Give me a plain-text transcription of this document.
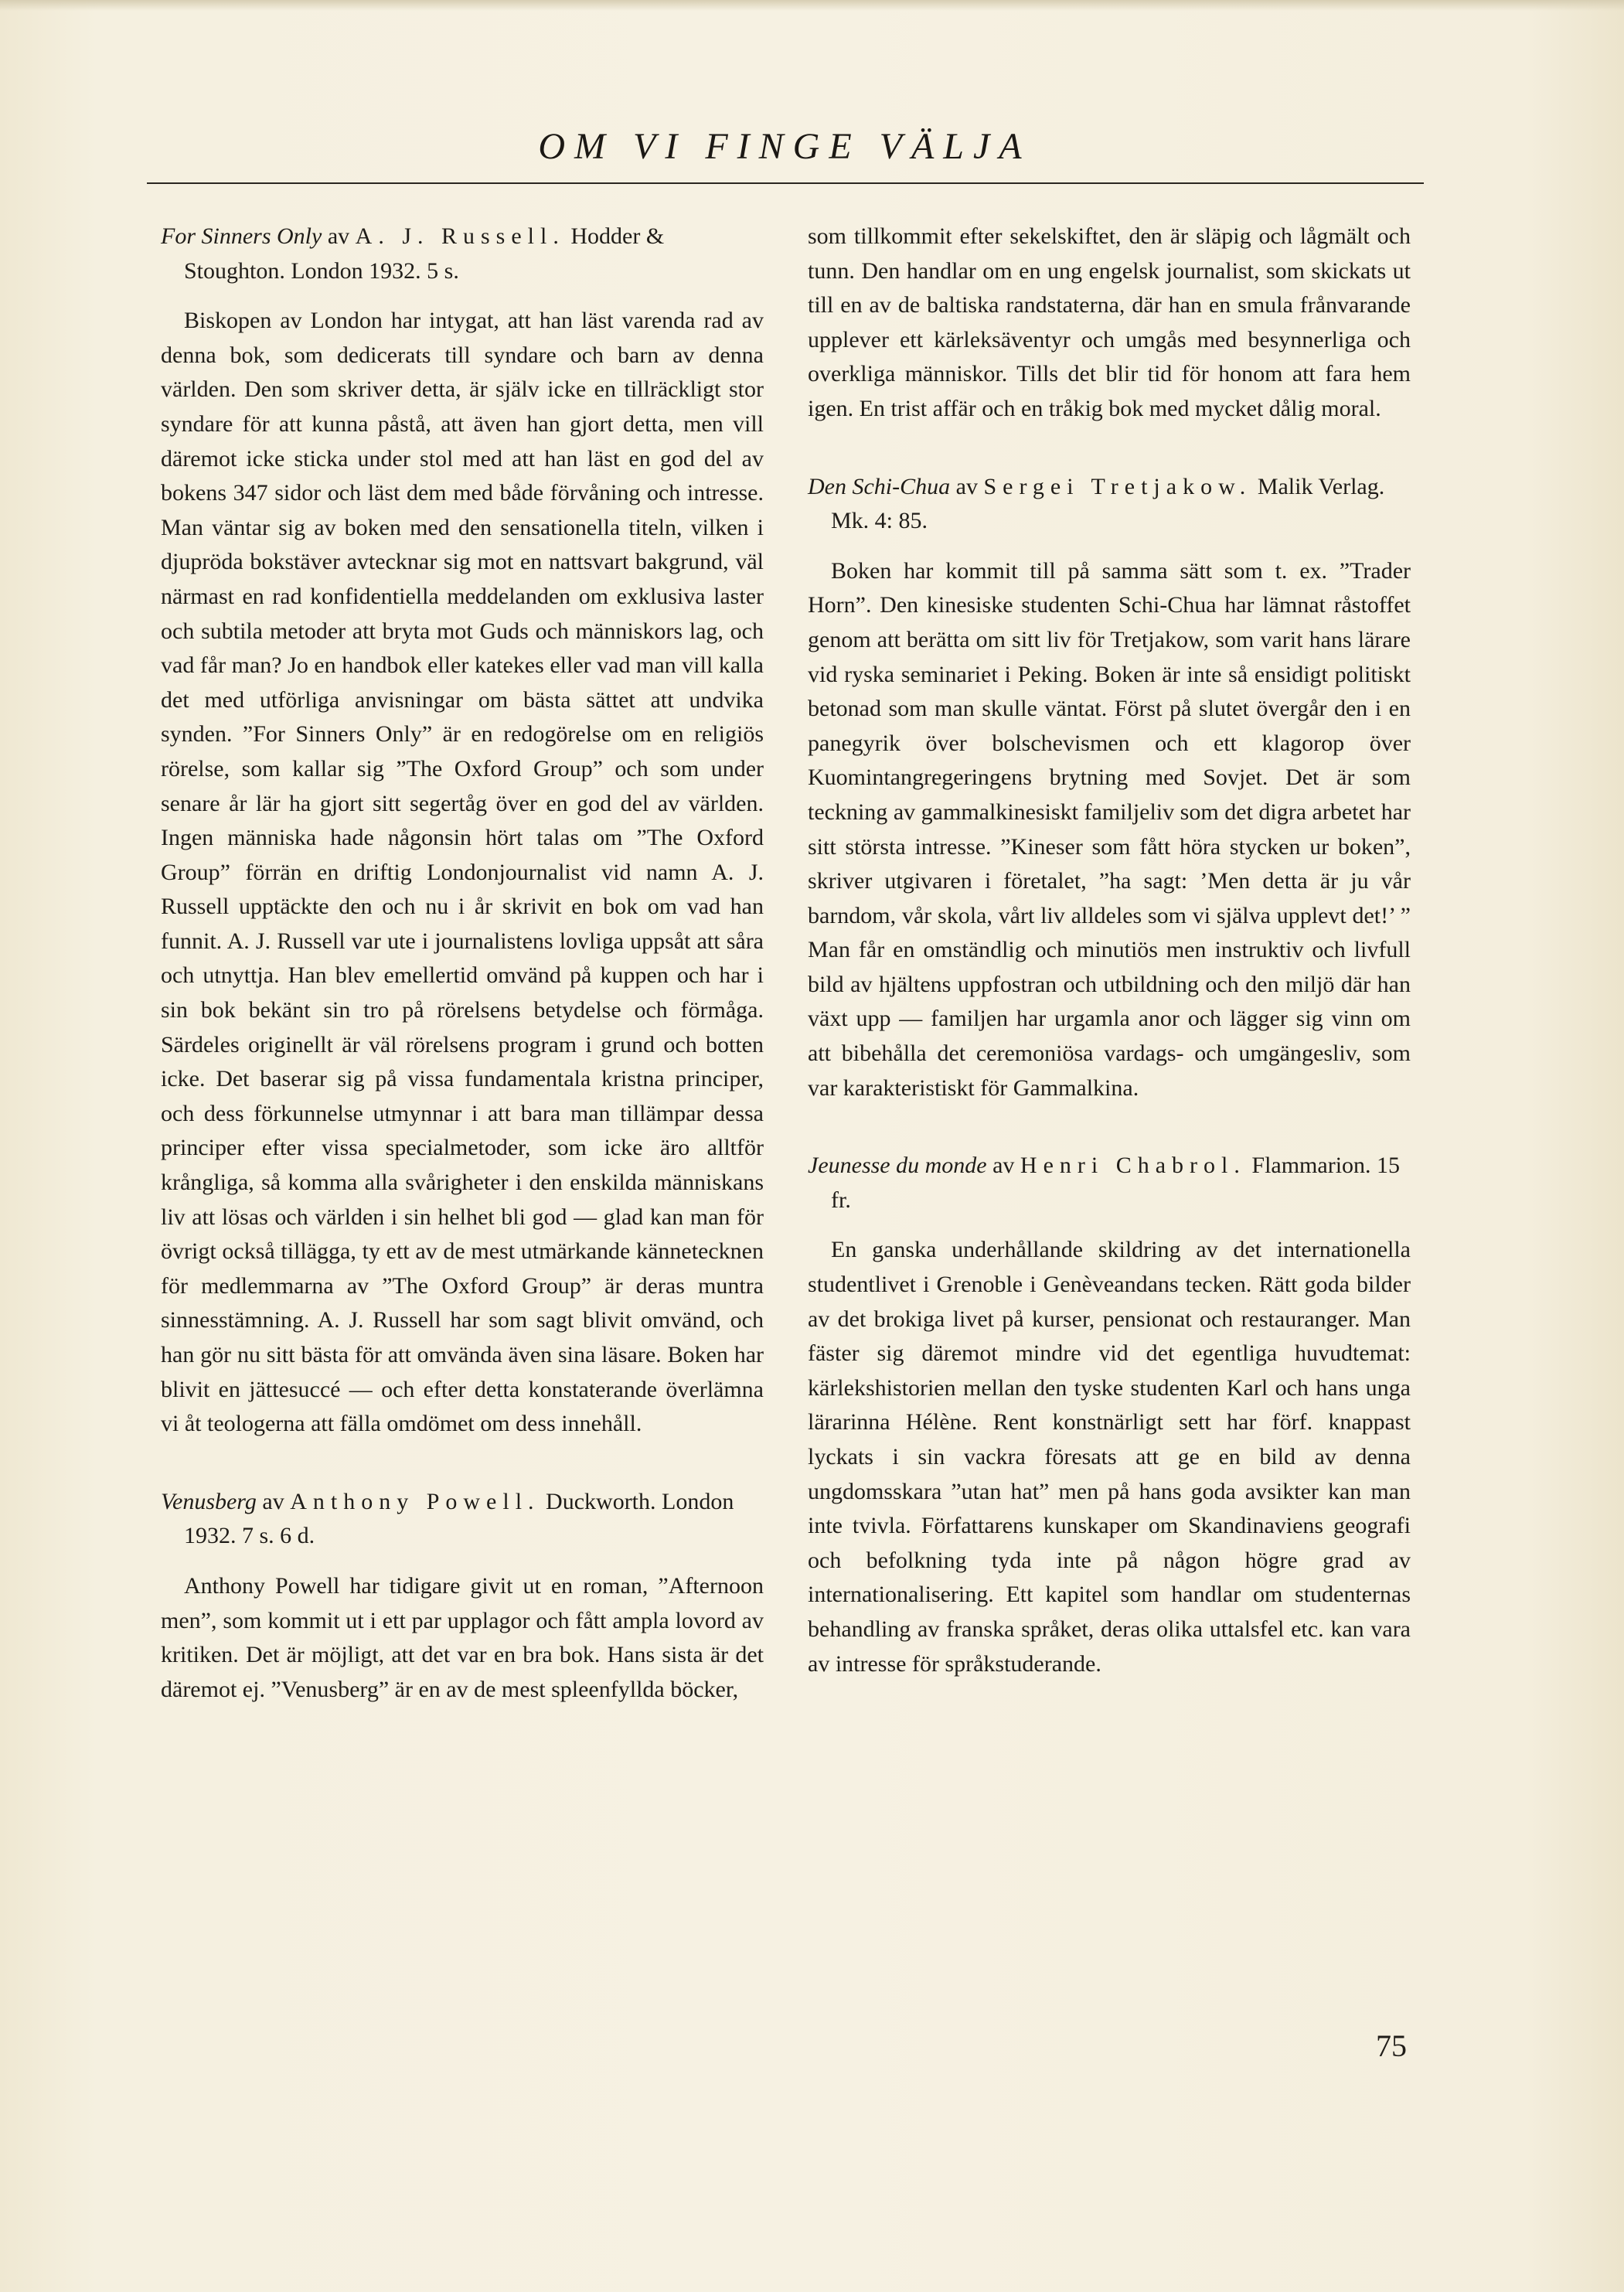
OM VI FINGE VÄLJA

For Sinners Only av A. J. Russell. Hodder & Stoughton. London 1932. 5 s.

Biskopen av London har intygat, att han läst varenda rad av denna bok, som dedicerats till syndare och barn av denna världen. Den som skriver detta, är själv icke en tillräckligt stor syndare för att kunna påstå, att även han gjort detta, men vill däremot icke sticka under stol med att han läst en god del av bokens 347 sidor och läst dem med både förvåning och intresse. Man väntar sig av boken med den sensationella titeln, vilken i djupröda bokstäver avtecknar sig mot en nattsvart bakgrund, väl närmast en rad konfidentiella meddelanden om exklusiva laster och subtila metoder att bryta mot Guds och människors lag, och vad får man? Jo en handbok eller katekes eller vad man vill kalla det med utförliga anvisningar om bästa sättet att undvika synden. ”For Sinners Only” är en redogörelse om en religiös rörelse, som kallar sig ”The Oxford Group” och som under senare år lär ha gjort sitt segertåg över en god del av världen. Ingen människa hade någonsin hört talas om ”The Oxford Group” förrän en driftig Londonjournalist vid namn A. J. Russell upptäckte den och nu i år skrivit en bok om vad han funnit. A. J. Russell var ute i journalistens lovliga uppsåt att såra och utnyttja. Han blev emellertid omvänd på kuppen och har i sin bok bekänt sin tro på rörelsens betydelse och förmåga. Särdeles originellt är väl rörelsens program i grund och botten icke. Det baserar sig på vissa fundamentala kristna principer, och dess förkunnelse utmynnar i att bara man tillämpar dessa principer efter vissa specialmetoder, som icke äro alltför krångliga, så komma alla svårigheter i den enskilda människans liv att lösas och världen i sin helhet bli god — glad kan man för övrigt också tillägga, ty ett av de mest utmärkande kännetecknen för medlemmarna av ”The Oxford Group” är deras muntra sinnesstämning. A. J. Russell har som sagt blivit omvänd, och han gör nu sitt bästa för att omvända även sina läsare. Boken har blivit en jättesuccé — och efter detta konstaterande överlämna vi åt teologerna att fälla omdömet om dess innehåll.

Venusberg av Anthony Powell. Duckworth. London 1932. 7 s. 6 d.

Anthony Powell har tidigare givit ut en roman, ”Afternoon men”, som kommit ut i ett par upplagor och fått ampla lovord av kritiken. Det är möjligt, att det var en bra bok. Hans sista är det däremot ej. ”Venusberg” är en av de mest spleenfyllda böcker,

som tillkommit efter sekelskiftet, den är släpig och lågmält och tunn. Den handlar om en ung engelsk journalist, som skickats ut till en av de baltiska randstaterna, där han en smula frånvarande upplever ett kärleksäventyr och umgås med besynnerliga och overkliga människor. Tills det blir tid för honom att fara hem igen. En trist affär och en tråkig bok med mycket dålig moral.

Den Schi-Chua av Sergei Tretjakow. Malik Verlag. Mk. 4: 85.

Boken har kommit till på samma sätt som t. ex. ”Trader Horn”. Den kinesiske studenten Schi-Chua har lämnat råstoffet genom att berätta om sitt liv för Tretjakow, som varit hans lärare vid ryska seminariet i Peking. Boken är inte så ensidigt politiskt betonad som man skulle väntat. Först på slutet övergår den i en panegyrik över bolschevismen och ett klagorop över Kuomintangregeringens brytning med Sovjet. Det är som teckning av gammalkinesiskt familjeliv som det digra arbetet har sitt största intresse. ”Kineser som fått höra stycken ur boken”, skriver utgivaren i företalet, ”ha sagt: ’Men detta är ju vår barndom, vår skola, vårt liv alldeles som vi själva upplevt det!’ ” Man får en omständlig och minutiös men instruktiv och livfull bild av hjältens uppfostran och utbildning och den miljö där han växt upp — familjen har urgamla anor och lägger sig vinn om att bibehålla det ceremoniösa vardags- och umgängesliv, som var karakteristiskt för Gammalkina.

Jeunesse du monde av Henri Chabrol. Flammarion. 15 fr.

En ganska underhållande skildring av det internationella studentlivet i Grenoble i Genèveandans tecken. Rätt goda bilder av det brokiga livet på kurser, pensionat och restauranger. Man fäster sig däremot mindre vid det egentliga huvudtemat: kärlekshistorien mellan den tyske studenten Karl och hans unga lärarinna Hélène. Rent konstnärligt sett har förf. knappast lyckats i sin vackra föresats att ge en bild av denna ungdomsskara ”utan hat” men på hans goda avsikter kan man inte tvivla. Författarens kunskaper om Skandinaviens geografi och befolkning tyda inte på någon högre grad av internationalisering. Ett kapitel som handlar om studenternas behandling av franska språket, deras olika uttalsfel etc. kan vara av intresse för språkstuderande.

75
